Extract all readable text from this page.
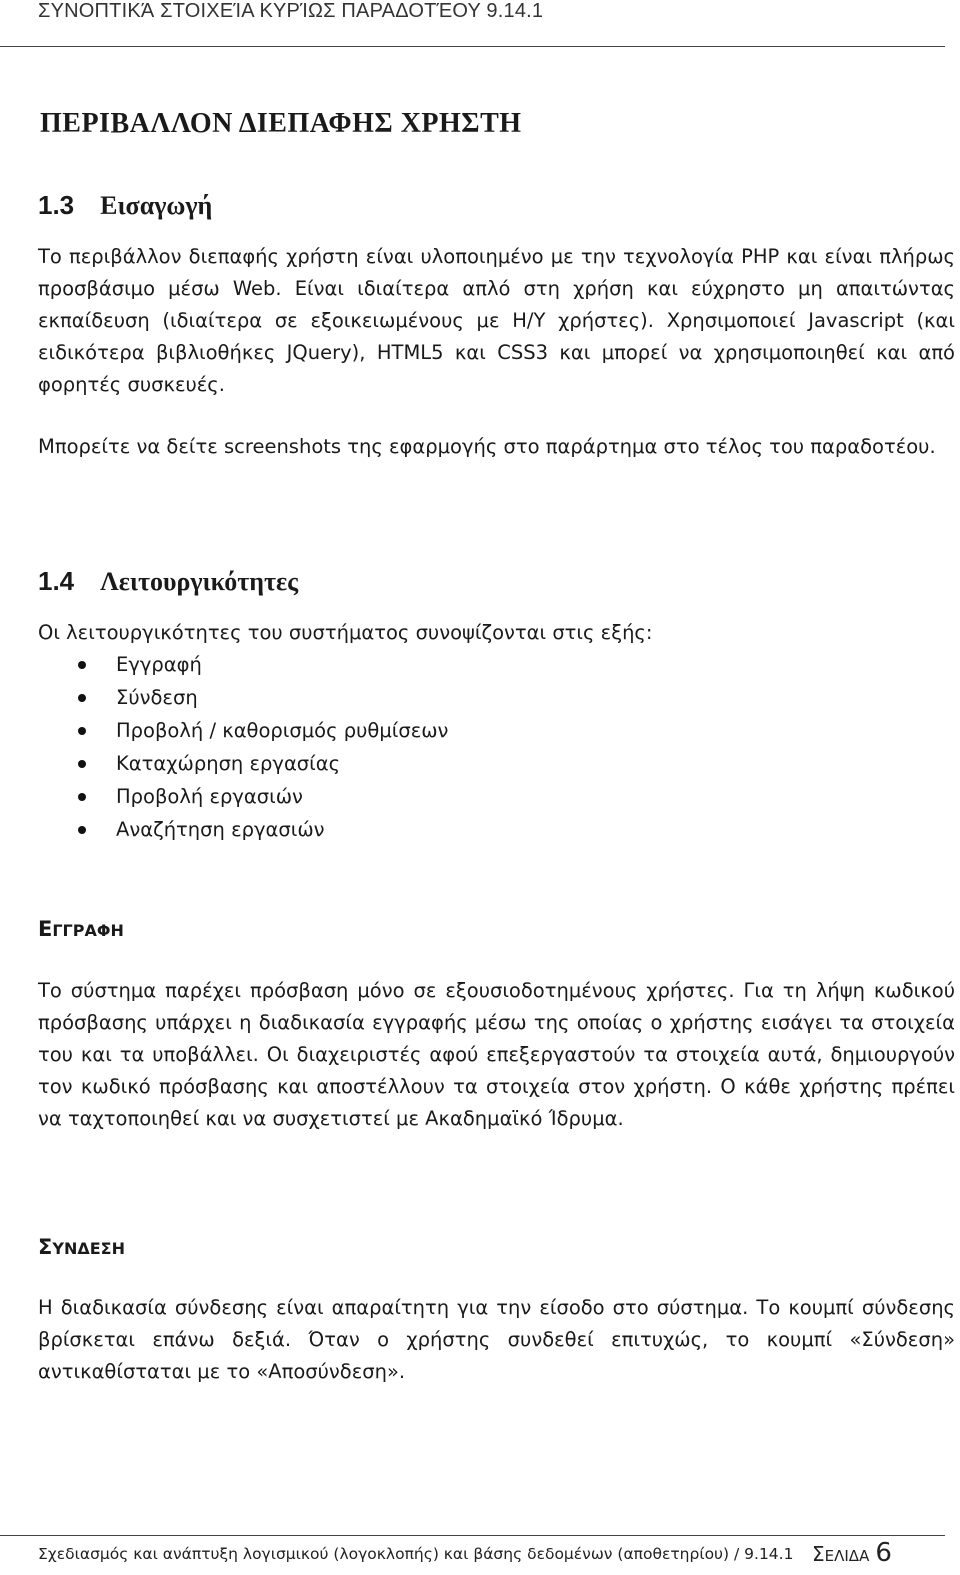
ΣΥΝΟΠΤΙΚΆ ΣΤΟΙΧΕΊΑ ΚΥΡΊΩΣ ΠΑΡΑΔΟΤΈΟΥ 9.14.1
ΠΕΡΙΒΑΛΛΟΝ ΔΙΕΠΑΦΗΣ ΧΡΗΣΤΗ
1.3 Εισαγωγή
Το περιβάλλον διεπαφής χρήστη είναι υλοποιημένο με την τεχνολογία PHP και είναι πλήρως προσβάσιμο μέσω Web. Είναι ιδιαίτερα απλό στη χρήση και εύχρηστο μη απαιτώντας εκπαίδευση (ιδιαίτερα σε εξοικειωμένους με Η/Υ χρήστες). Χρησιμοποιεί Javascript (και ειδικότερα βιβλιοθήκες JQuery), HTML5 και CSS3 και μπορεί να χρησιμοποιηθεί και από φορητές συσκευές.
Μπορείτε να δείτε screenshots της εφαρμογής στο παράρτημα στο τέλος του παραδοτέου.
1.4 Λειτουργικότητες
Οι λειτουργικότητες του συστήματος συνοψίζονται στις εξής:
Εγγραφή
Σύνδεση
Προβολή / καθορισμός ρυθμίσεων
Καταχώρηση εργασίας
Προβολή εργασιών
Αναζήτηση εργασιών
ΕΓΓΡΑΦΗ
Το σύστημα παρέχει πρόσβαση μόνο σε εξουσιοδοτημένους χρήστες. Για τη λήψη κωδικού πρόσβασης υπάρχει η διαδικασία εγγραφής μέσω της οποίας ο χρήστης εισάγει τα στοιχεία του και τα υποβάλλει. Οι διαχειριστές αφού επεξεργαστούν τα στοιχεία αυτά, δημιουργούν τον κωδικό πρόσβασης και αποστέλλουν τα στοιχεία στον χρήστη. Ο κάθε χρήστης πρέπει να ταχτοποιηθεί και να συσχετιστεί με Ακαδημαϊκό Ίδρυμα.
ΣΥΝΔΕΣΗ
Η διαδικασία σύνδεσης είναι απαραίτητη για την είσοδο στο σύστημα. Το κουμπί σύνδεσης βρίσκεται επάνω δεξιά. Όταν ο χρήστης συνδεθεί επιτυχώς, το κουμπί «Σύνδεση» αντικαθίσταται με το «Αποσύνδεση».
Σχεδιασμός και ανάπτυξη λογισμικού (λογοκλοπής) και βάσης δεδομένων (αποθετηρίου) / 9.14.1 ΣΕΛΙΔΑ 6
